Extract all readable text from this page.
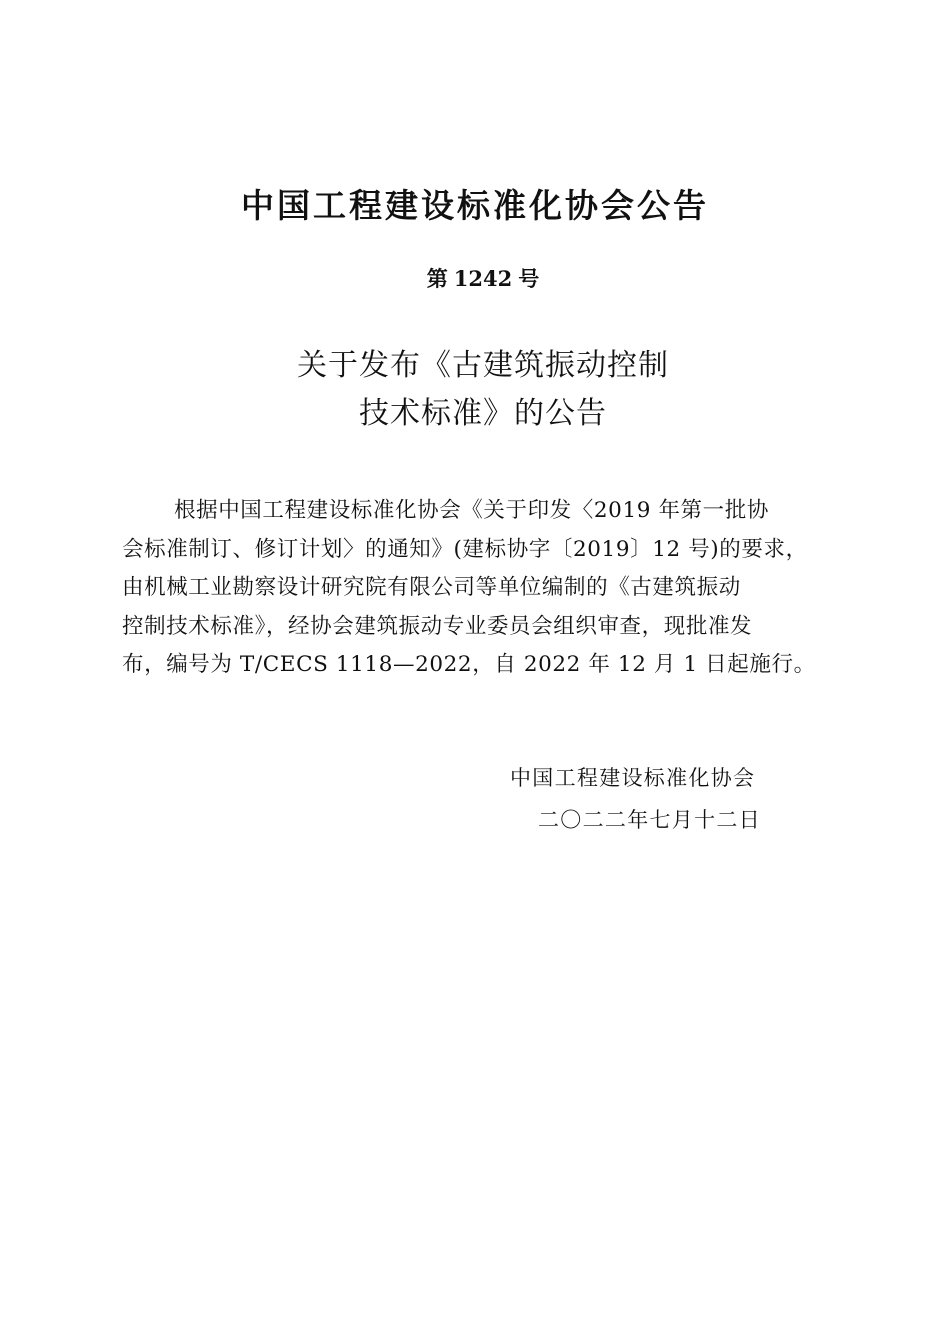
中国工程建设标准化协会公告
第 1242 号
关于发布《古建筑振动控制
技术标准》的公告
根据中国工程建设标准化协会《关于印发〈2019 年第一批协
会标准制订、修订计划〉的通知》(建标协字〔2019〕12 号)的要求，
由机械工业勘察设计研究院有限公司等单位编制的《古建筑振动
控制技术标准》，经协会建筑振动专业委员会组织审查，现批准发
布，编号为 T/CECS 1118—2022，自 2022 年 12 月 1 日起施行。
中国工程建设标准化协会
二〇二二年七月十二日
